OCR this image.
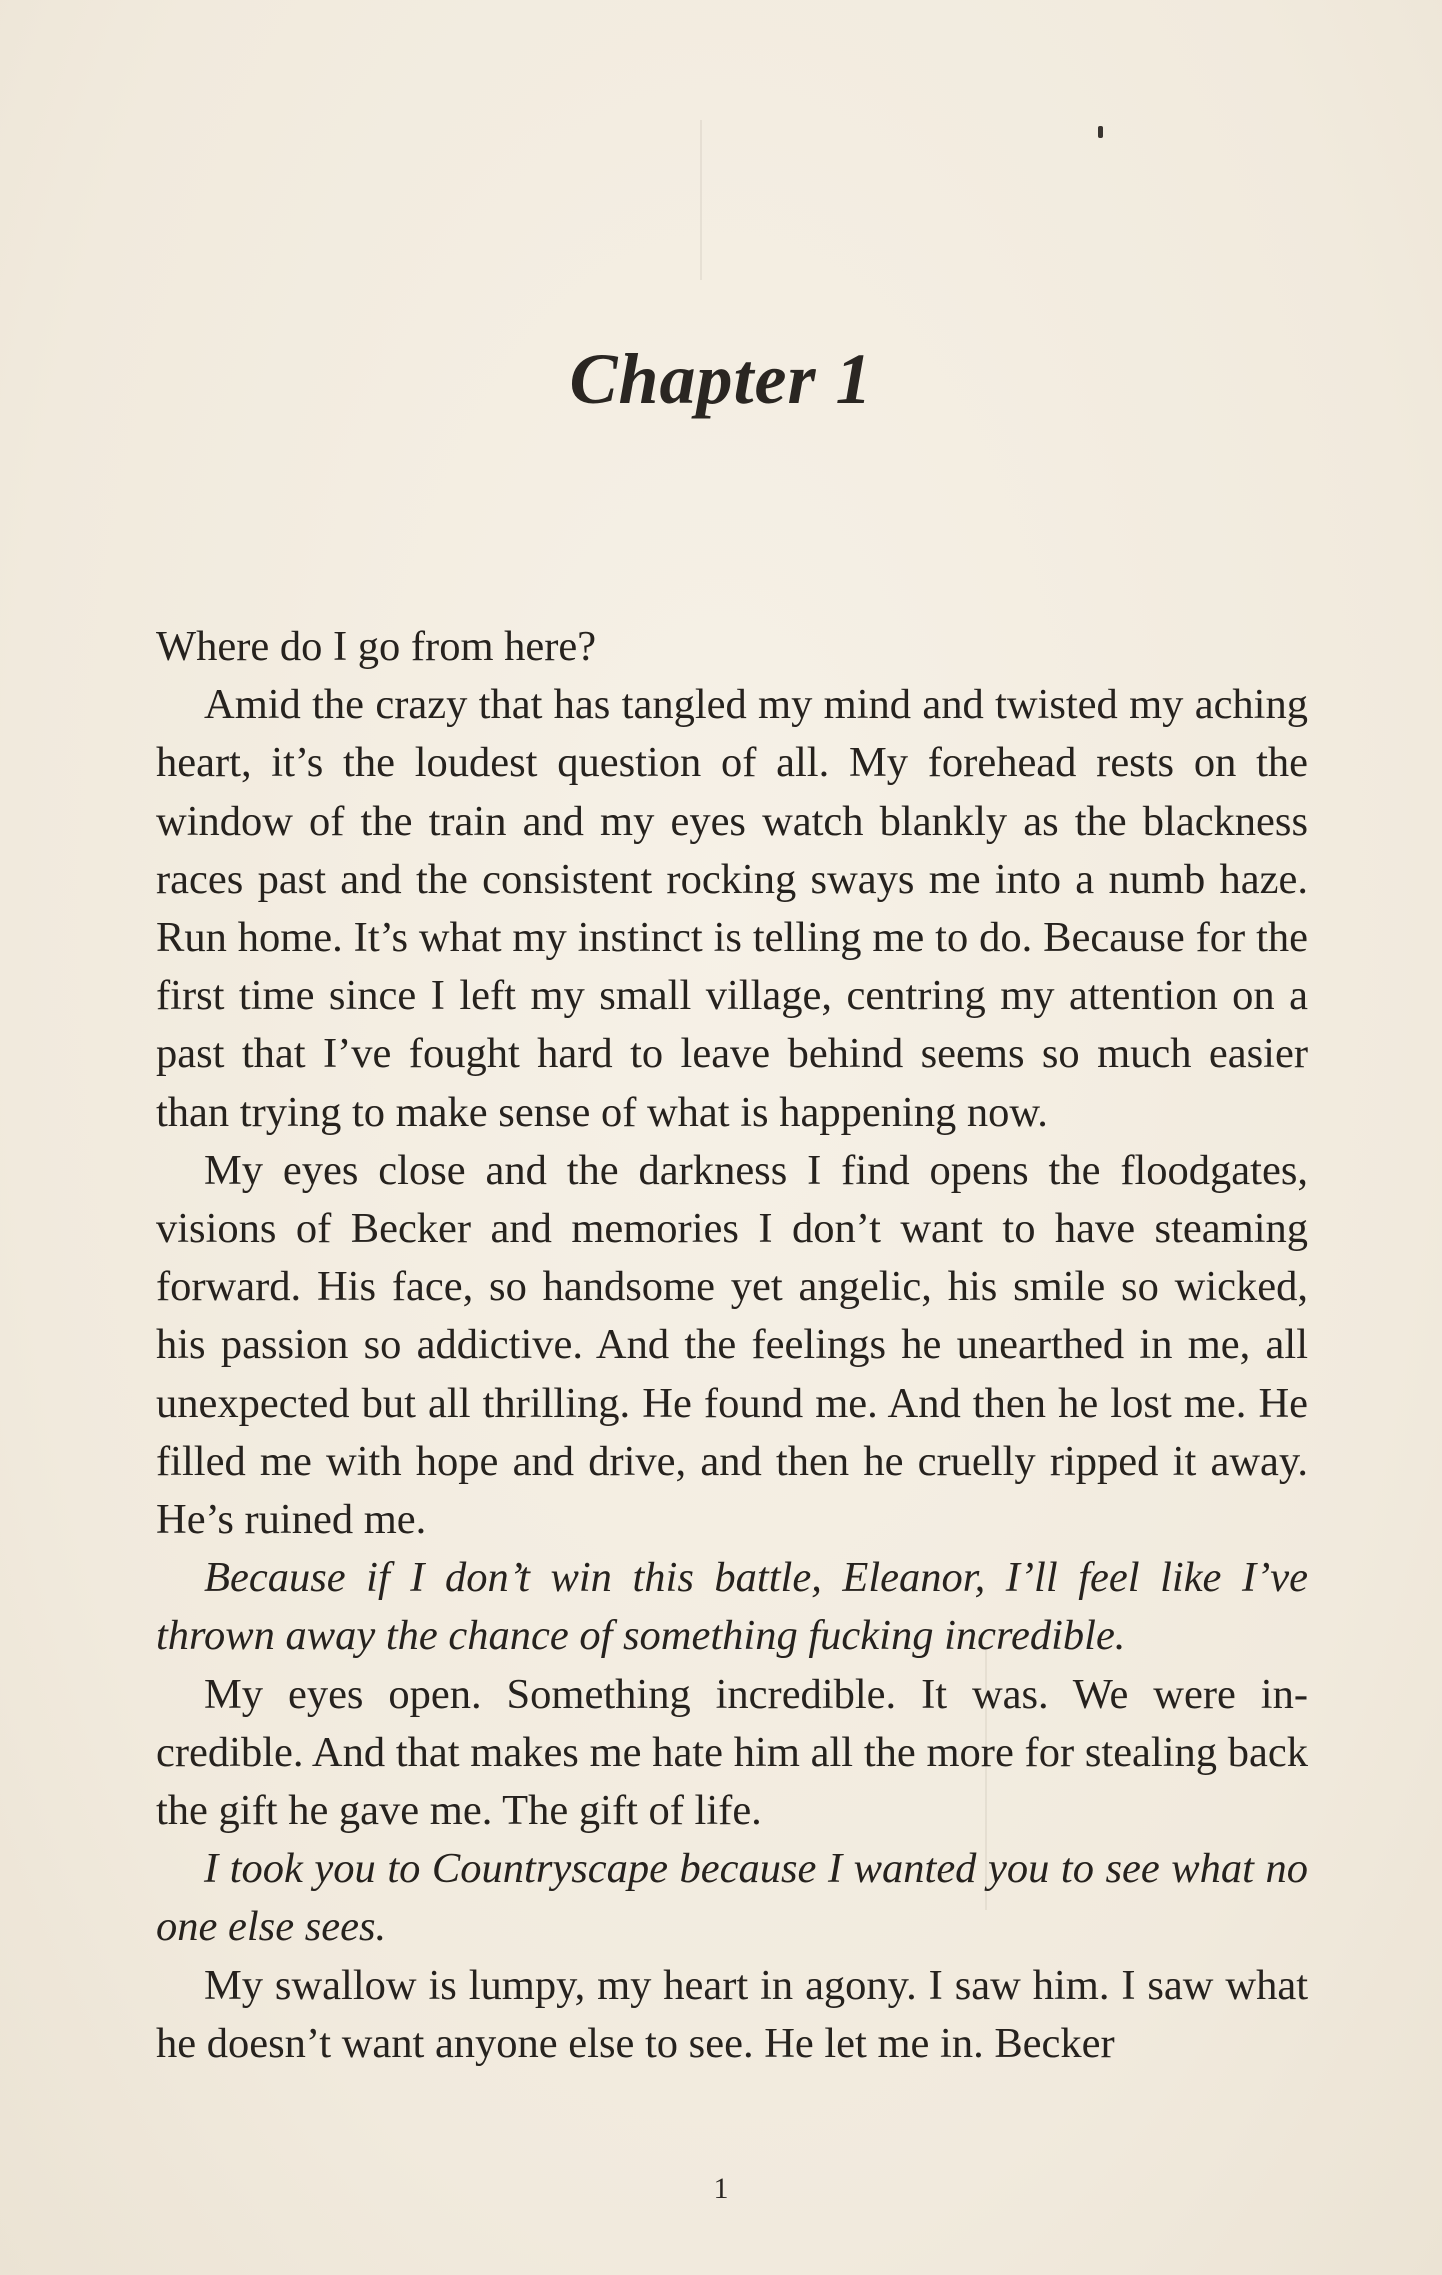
Chapter 1

Where do I go from here?

Amid the crazy that has tangled my mind and twisted my aching heart, it’s the loudest question of all. My forehead rests on the window of the train and my eyes watch blankly as the blackness races past and the consistent rocking sways me into a numb haze. Run home. It’s what my instinct is telling me to do. Because for the first time since I left my small village, centring my attention on a past that I’ve fought hard to leave behind seems so much easier than trying to make sense of what is happening now.

My eyes close and the darkness I find opens the floodgates, visions of Becker and memories I don’t want to have steaming forward. His face, so handsome yet angelic, his smile so wicked, his passion so addictive. And the feelings he unearthed in me, all unexpected but all thrilling. He found me. And then he lost me. He filled me with hope and drive, and then he cruelly ripped it away. He’s ruined me.

Because if I don’t win this battle, Eleanor, I’ll feel like I’ve thrown away the chance of something fucking incredible.

My eyes open. Something incredible. It was. We were incredible. And that makes me hate him all the more for stealing back the gift he gave me. The gift of life.

I took you to Countryscape because I wanted you to see what no one else sees.

My swallow is lumpy, my heart in agony. I saw him. I saw what he doesn’t want anyone else to see. He let me in. Becker

1
